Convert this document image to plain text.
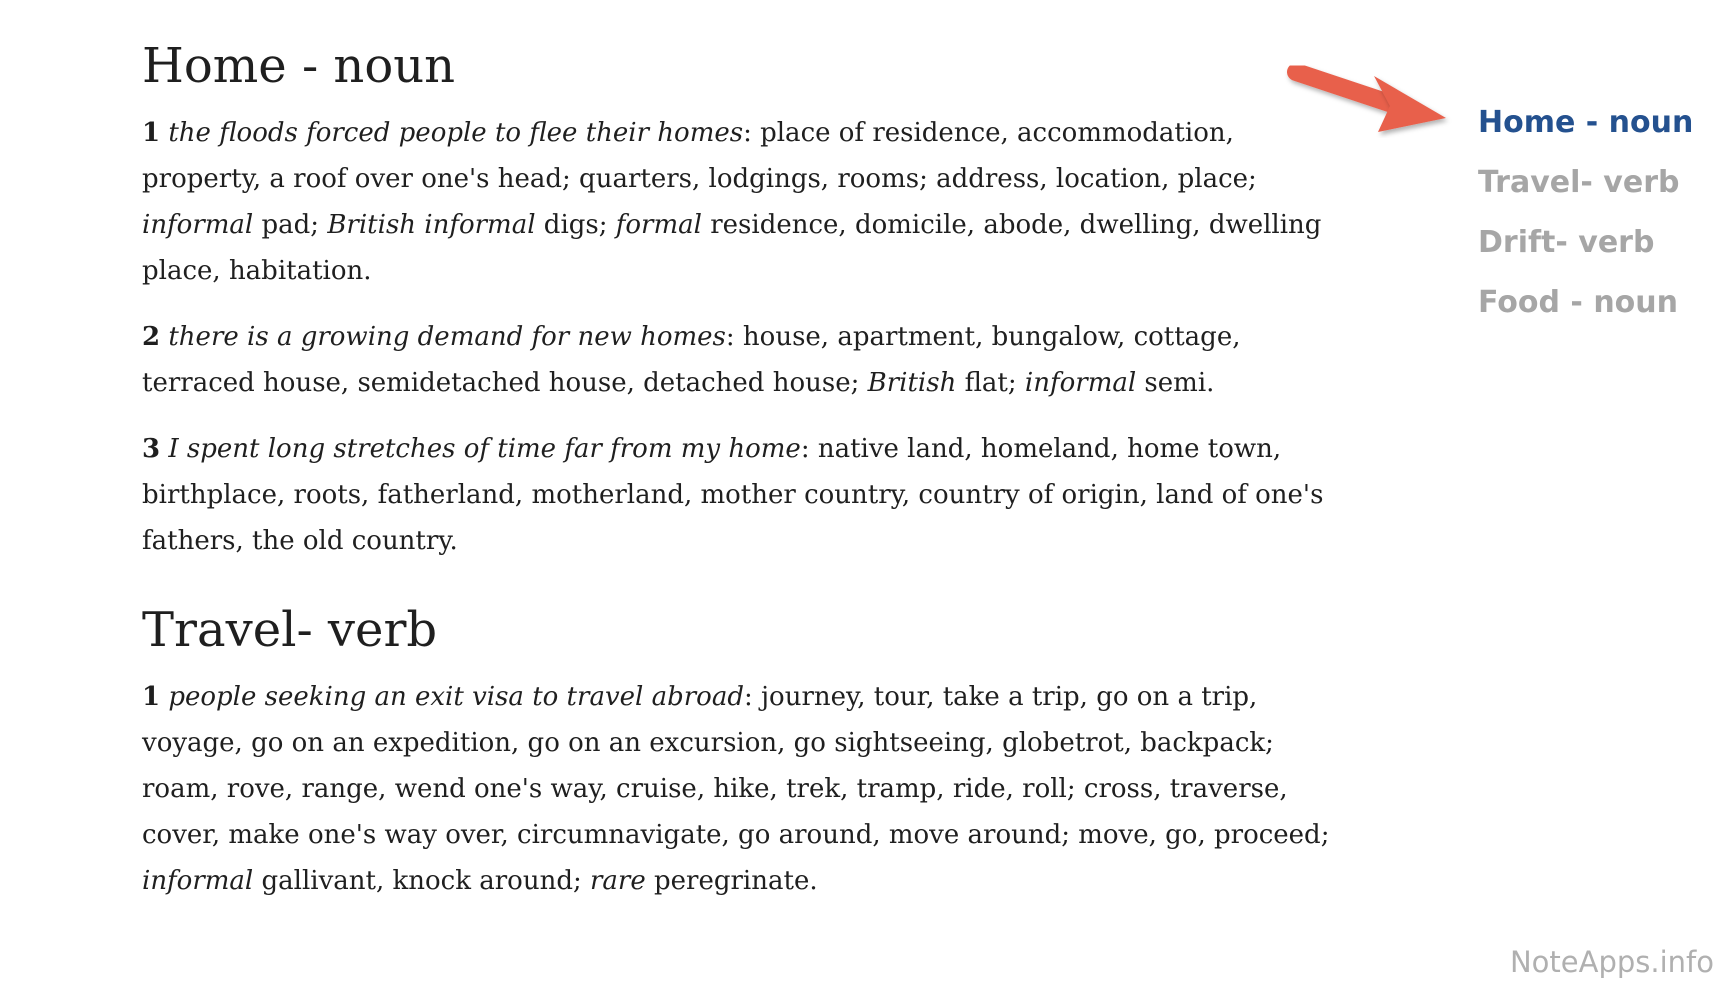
Home - noun

1 the floods forced people to flee their homes: place of residence, accommodation, property, a roof over one's head; quarters, lodgings, rooms; address, location, place; informal pad; British informal digs; formal residence, domicile, abode, dwelling, dwelling place, habitation.

2 there is a growing demand for new homes: house, apartment, bungalow, cottage, terraced house, semidetached house, detached house; British flat; informal semi.

3 I spent long stretches of time far from my home: native land, homeland, home town, birthplace, roots, fatherland, motherland, mother country, country of origin, land of one's fathers, the old country.

Travel- verb

1 people seeking an exit visa to travel abroad: journey, tour, take a trip, go on a trip, voyage, go on an expedition, go on an excursion, go sightseeing, globetrot, backpack; roam, rove, range, wend one's way, cruise, hike, trek, tramp, ride, roll; cross, traverse, cover, make one's way over, circumnavigate, go around, move around; move, go, proceed; informal gallivant, knock around; rare peregrinate.

Home - noun
Travel- verb
Drift- verb
Food - noun
NoteApps.info
